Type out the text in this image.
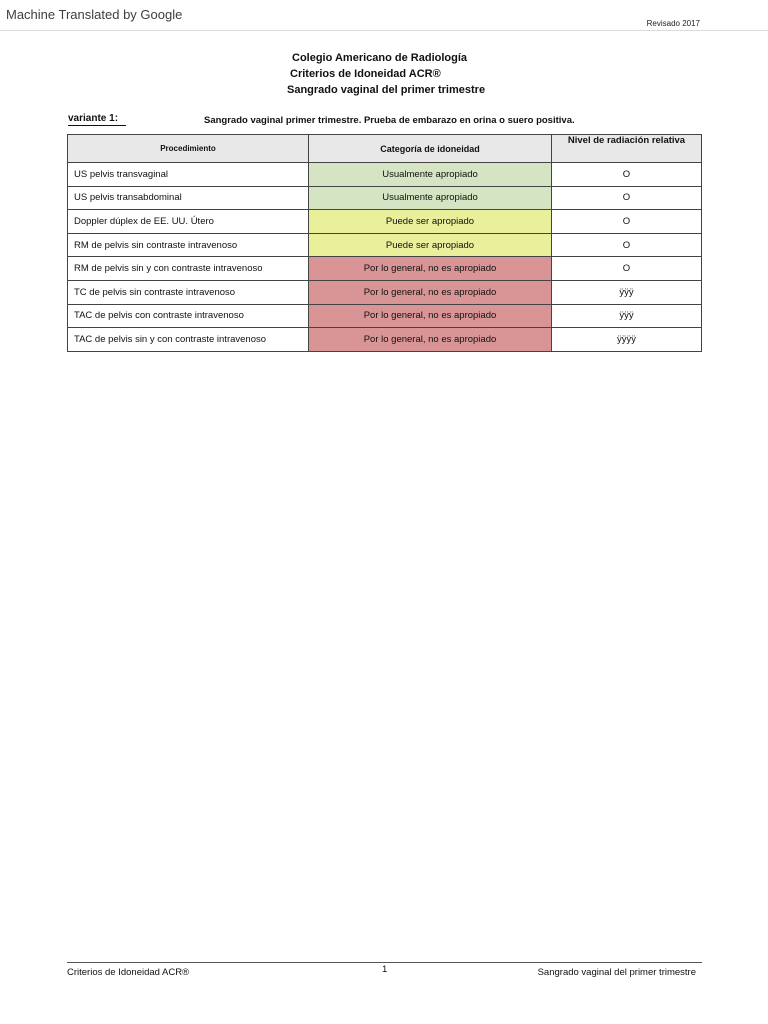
Machine Translated by Google
Revisado 2017
Colegio Americano de Radiología
Criterios de Idoneidad ACR®
Sangrado vaginal del primer trimestre
variante 1:	Sangrado vaginal primer trimestre. Prueba de embarazo en orina o suero positiva.
Procedimiento	Categoría de idoneidad	Nivel de radiación relativa
US pelvis transvaginal	Usualmente apropiado	O
US pelvis transabdominal	Usualmente apropiado	O
Doppler dúplex de EE. UU. Útero	Puede ser apropiado	O
RM de pelvis sin contraste intravenoso	Puede ser apropiado	O
RM de pelvis sin y con contraste intravenoso	Por lo general, no es apropiado	O
TC de pelvis sin contraste intravenoso	Por lo general, no es apropiado	ÿÿÿ
TAC de pelvis con contraste intravenoso	Por lo general, no es apropiado	ÿÿÿ
TAC de pelvis sin y con contraste intravenoso	Por lo general, no es apropiado	ÿÿÿÿ
Criterios de Idoneidad ACR®	1	Sangrado vaginal del primer trimestre
